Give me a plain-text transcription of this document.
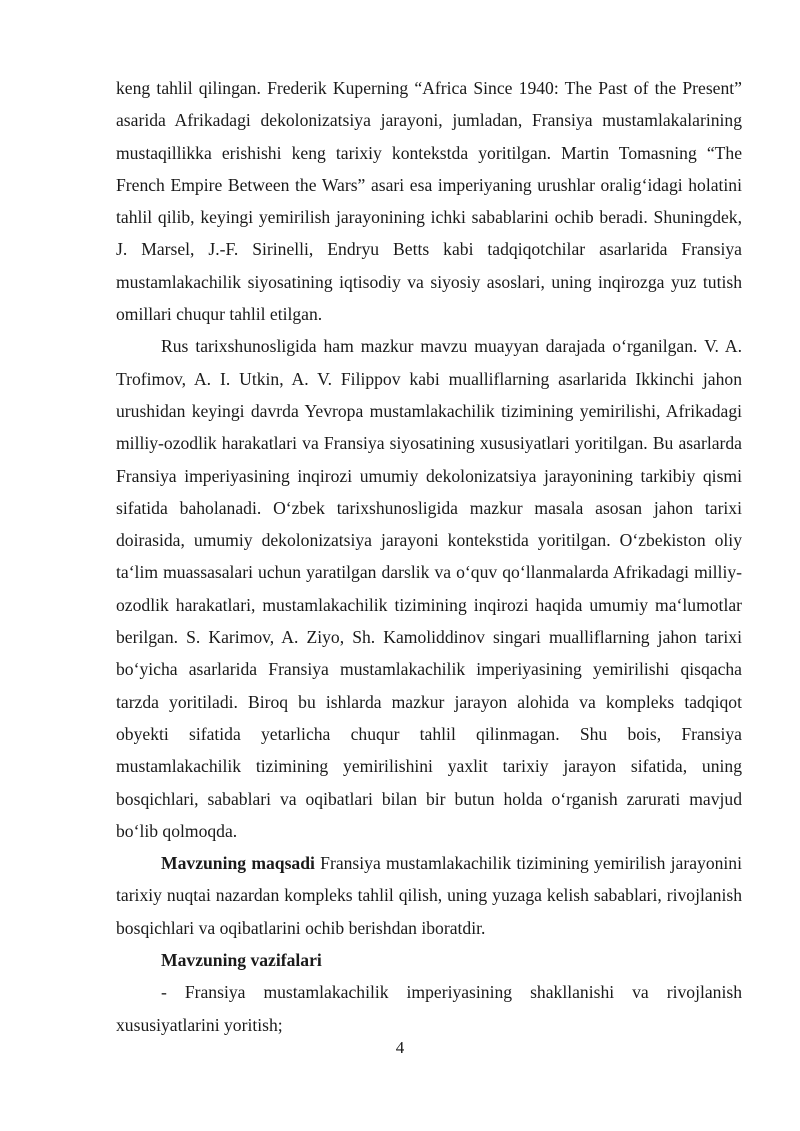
keng tahlil qilingan. Frederik Kuperning “Africa Since 1940: The Past of the Present” asarida Afrikadagi dekolonizatsiya jarayoni, jumladan, Fransiya mustamlakalarining mustaqillikka erishishi keng tarixiy kontekstda yoritilgan. Martin Tomasning “The French Empire Between the Wars” asari esa imperiyaning urushlar oralig‘idagi holatini tahlil qilib, keyingi yemirilish jarayonining ichki sabablarini ochib beradi. Shuningdek, J. Marsel, J.-F. Sirinelli, Endryu Betts kabi tadqiqotchilar asarlarida Fransiya mustamlakachilik siyosatining iqtisodiy va siyosiy asoslari, uning inqirozga yuz tutish omillari chuqur tahlil etilgan.

Rus tarixshunosligida ham mazkur mavzu muayyan darajada o‘rganilgan. V. A. Trofimov, A. I. Utkin, A. V. Filippov kabi mualliflarning asarlarida Ikkinchi jahon urushidan keyingi davrda Yevropa mustamlakachilik tizimining yemirilishi, Afrikadagi milliy-ozodlik harakatlari va Fransiya siyosatining xususiyatlari yoritilgan. Bu asarlarda Fransiya imperiyasining inqirozi umumiy dekolonizatsiya jarayonining tarkibiy qismi sifatida baholanadi. O‘zbek tarixshunosligida mazkur masala asosan jahon tarixi doirasida, umumiy dekolonizatsiya jarayoni kontekstida yoritilgan. O‘zbekiston oliy ta‘lim muassasalari uchun yaratilgan darslik va o‘quv qo‘llanmalarda Afrikadagi milliy-ozodlik harakatlari, mustamlakachilik tizimining inqirozi haqida umumiy ma‘lumotlar berilgan. S. Karimov, A. Ziyo, Sh. Kamoliddinov singari mualliflarning jahon tarixi bo‘yicha asarlarida Fransiya mustamlakachilik imperiyasining yemirilishi qisqacha tarzda yoritiladi. Biroq bu ishlarda mazkur jarayon alohida va kompleks tadqiqot obyekti sifatida yetarlicha chuqur tahlil qilinmagan. Shu bois, Fransiya mustamlakachilik tizimining yemirilishini yaxlit tarixiy jarayon sifatida, uning bosqichlari, sabablari va oqibatlari bilan bir butun holda o‘rganish zarurati mavjud bo‘lib qolmoqda.

Mavzuning maqsadi Fransiya mustamlakachilik tizimining yemirilish jarayonini tarixiy nuqtai nazardan kompleks tahlil qilish, uning yuzaga kelish sabablari, rivojlanish bosqichlari va oqibatlarini ochib berishdan iboratdir.

Mavzuning vazifalari

- Fransiya mustamlakachilik imperiyasining shakllanishi va rivojlanish xususiyatlarini yoritish;

4
